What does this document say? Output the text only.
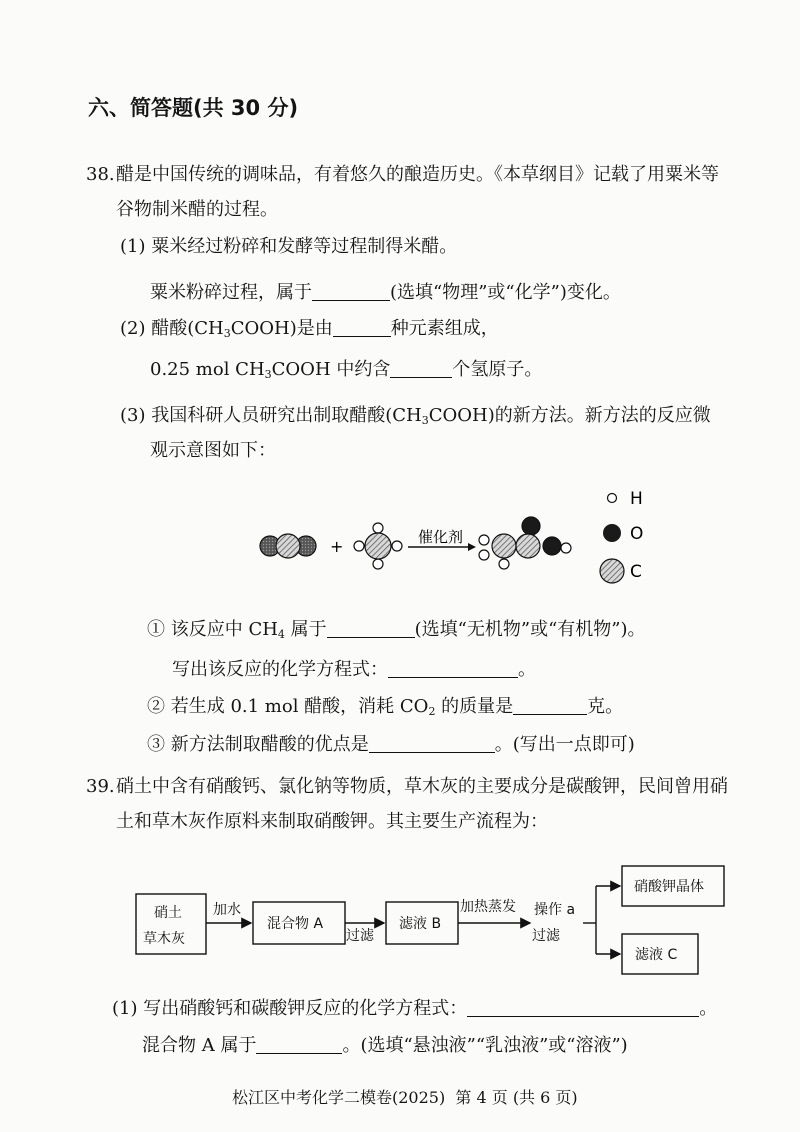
六、简答题(共 30 分)
38. 醋是中国传统的调味品，有着悠久的酿造历史。《本草纲目》记载了用粟米等
谷物制米醋的过程。
(1) 粟米经过粉碎和发酵等过程制得米醋。
粟米粉碎过程，属于	(选填“物理”或“化学”)变化。
(2) 醋酸$(CH_3COOH)$是由	种元素组成，
0.25 mol $CH_3COOH$ 中约含	个氢原子。
(3) 我国科研人员研究出制取醋酸$(CH_3COOH)$的新方法。新方法的反应微
观示意图如下：
+	催化剂
H
O
C
① 该反应中 $CH_4$ 属于	(选填“无机物”或“有机物”)。
写出该反应的化学方程式：	。
② 若生成 0.1 mol 醋酸，消耗 $CO_2$ 的质量是	克。
③ 新方法制取醋酸的优点是	。(写出一点即可)
39. 硝土中含有硝酸钙、氯化钠等物质，草木灰的主要成分是碳酸钾，民间曾用硝
土和草木灰作原料来制取硝酸钾。其主要生产流程为：
硝土
草木灰
加水
混合物 A
过滤
滤液 B
加热蒸发 操作 a
过滤
硝酸钾晶体
滤液 C
(1) 写出硝酸钙和碳酸钾反应的化学方程式：	。
混合物 A 属于	。(选填“悬浊液”“乳浊液”或“溶液”)
松江区中考化学二模卷(2025)  第 4 页 (共 6 页)
